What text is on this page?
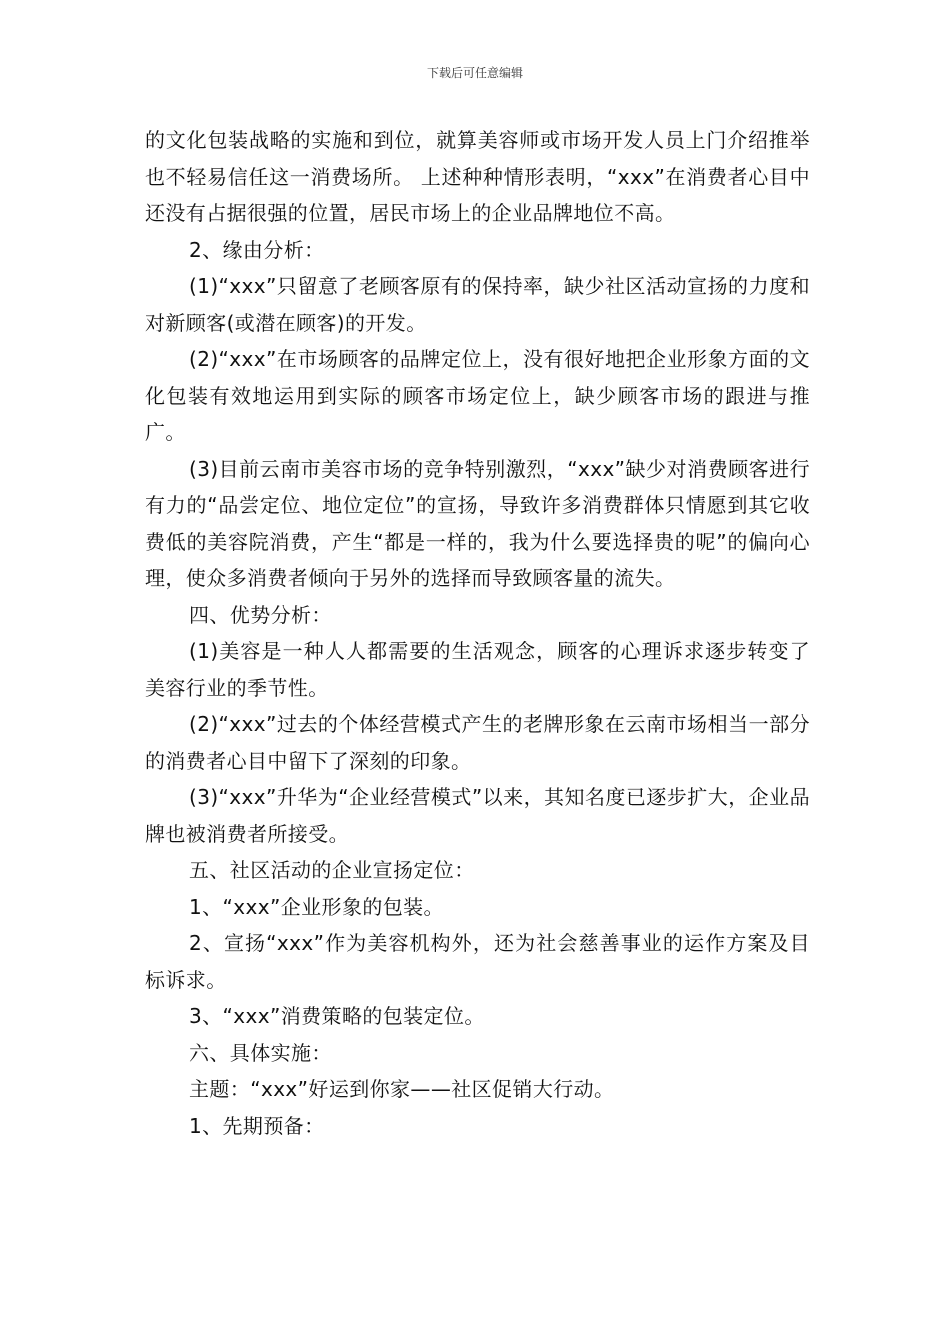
下载后可任意编辑

的文化包装战略的实施和到位，就算美容师或市场开发人员上门介绍推举也不轻易信任这一消费场所。 上述种种情形表明，“xxx”在消费者心目中还没有占据很强的位置，居民市场上的企业品牌地位不高。

2、缘由分析：

(1)“xxx”只留意了老顾客原有的保持率，缺少社区活动宣扬的力度和对新顾客(或潜在顾客)的开发。

(2)“xxx”在市场顾客的品牌定位上，没有很好地把企业形象方面的文化包装有效地运用到实际的顾客市场定位上，缺少顾客市场的跟进与推广。

(3)目前云南市美容市场的竞争特别激烈，“xxx”缺少对消费顾客进行有力的“品尝定位、地位定位”的宣扬，导致许多消费群体只情愿到其它收费低的美容院消费，产生“都是一样的，我为什么要选择贵的呢”的偏向心理，使众多消费者倾向于另外的选择而导致顾客量的流失。

四、优势分析：

(1)美容是一种人人都需要的生活观念，顾客的心理诉求逐步转变了美容行业的季节性。

(2)“xxx”过去的个体经营模式产生的老牌形象在云南市场相当一部分的消费者心目中留下了深刻的印象。

(3)“xxx”升华为“企业经营模式”以来，其知名度已逐步扩大，企业品牌也被消费者所接受。

五、社区活动的企业宣扬定位：

1、“xxx”企业形象的包装。

2、宣扬“xxx”作为美容机构外，还为社会慈善事业的运作方案及目标诉求。

3、“xxx”消费策略的包装定位。

六、具体实施：

主题：“xxx”好运到你家——社区促销大行动。

1、先期预备：
